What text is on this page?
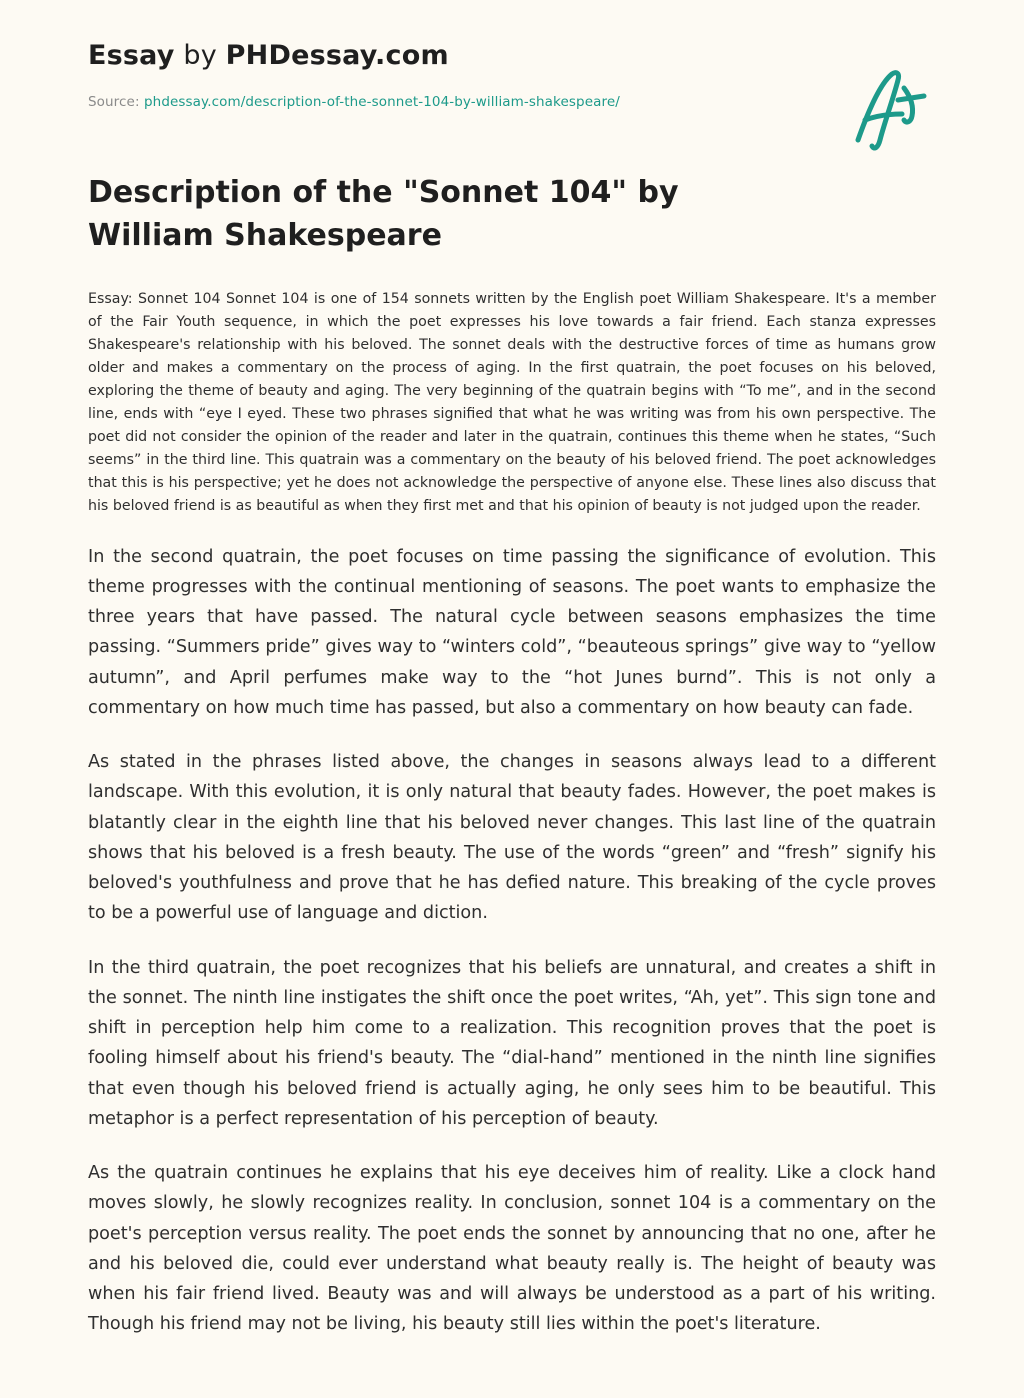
Essay by PHDessay.com
Source: phdessay.com/description-of-the-sonnet-104-by-william-shakespeare/
Description of the "Sonnet 104" by William Shakespeare

Essay: Sonnet 104 Sonnet 104 is one of 154 sonnets written by the English poet William Shakespeare. It's a member of the Fair Youth sequence, in which the poet expresses his love towards a fair friend. Each stanza expresses Shakespeare's relationship with his beloved. The sonnet deals with the destructive forces of time as humans grow older and makes a commentary on the process of aging. In the first quatrain, the poet focuses on his beloved, exploring the theme of beauty and aging. The very beginning of the quatrain begins with “To me”, and in the second line, ends with “eye I eyed. These two phrases signified that what he was writing was from his own perspective. The poet did not consider the opinion of the reader and later in the quatrain, continues this theme when he states, “Such seems” in the third line. This quatrain was a commentary on the beauty of his beloved friend. The poet acknowledges that this is his perspective; yet he does not acknowledge the perspective of anyone else. These lines also discuss that his beloved friend is as beautiful as when they first met and that his opinion of beauty is not judged upon the reader.

In the second quatrain, the poet focuses on time passing the significance of evolution. This theme progresses with the continual mentioning of seasons. The poet wants to emphasize the three years that have passed. The natural cycle between seasons emphasizes the time passing. “Summers pride” gives way to “winters cold”, “beauteous springs” give way to “yellow autumn”, and April perfumes make way to the “hot Junes burnd”. This is not only a commentary on how much time has passed, but also a commentary on how beauty can fade.

As stated in the phrases listed above, the changes in seasons always lead to a different landscape. With this evolution, it is only natural that beauty fades. However, the poet makes is blatantly clear in the eighth line that his beloved never changes. This last line of the quatrain shows that his beloved is a fresh beauty. The use of the words “green” and “fresh” signify his beloved's youthfulness and prove that he has defied nature. This breaking of the cycle proves to be a powerful use of language and diction.

In the third quatrain, the poet recognizes that his beliefs are unnatural, and creates a shift in the sonnet. The ninth line instigates the shift once the poet writes, “Ah, yet”. This sign tone and shift in perception help him come to a realization. This recognition proves that the poet is fooling himself about his friend's beauty. The “dial-hand” mentioned in the ninth line signifies that even though his beloved friend is actually aging, he only sees him to be beautiful. This metaphor is a perfect representation of his perception of beauty.

As the quatrain continues he explains that his eye deceives him of reality. Like a clock hand moves slowly, he slowly recognizes reality. In conclusion, sonnet 104 is a commentary on the poet's perception versus reality. The poet ends the sonnet by announcing that no one, after he and his beloved die, could ever understand what beauty really is. The height of beauty was when his fair friend lived. Beauty was and will always be understood as a part of his writing. Though his friend may not be living, his beauty still lies within the poet's literature.
